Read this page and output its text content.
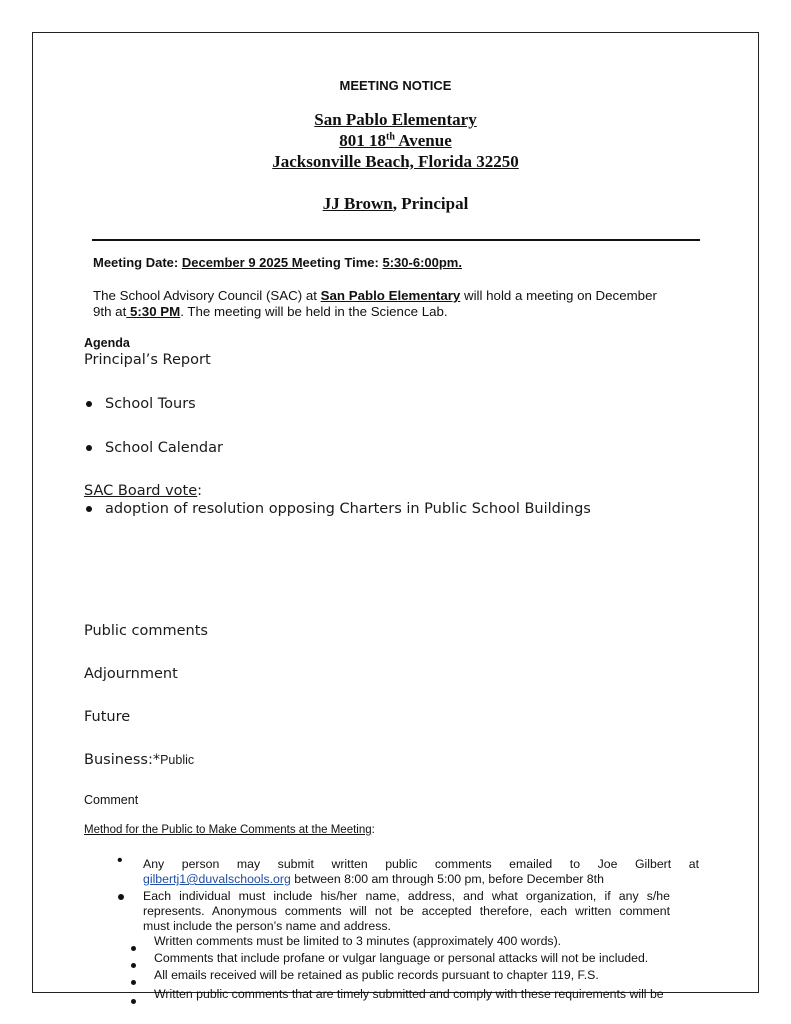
MEETING NOTICE
San Pablo Elementary
801 18th Avenue
Jacksonville Beach, Florida 32250
JJ Brown, Principal
Meeting Date: December 9 2025 Meeting Time: 5:30-6:00pm.
The School Advisory Council (SAC) at San Pablo Elementary will hold a meeting on December
9th at 5:30 PM. The meeting will be held in the Science Lab.
Agenda
Principal’s Report
School Tours
School Calendar
SAC Board vote:
adoption of resolution opposing Charters in Public School Buildings
Public comments
Adjournment
Future
Business:*Public
Comment
Method for the Public to Make Comments at the Meeting:
• Any person may submit written public comments emailed to Joe Gilbert at
gilbertj1@duvalschools.org between 8:00 am through 5:00 pm, before December 8th
Each individual must include his/her name, address, and what organization, if any s/he
represents. Anonymous comments will not be accepted therefore, each written comment
must include the person’s name and address.
Written comments must be limited to 3 minutes (approximately 400 words).
Comments that include profane or vulgar language or personal attacks will not be included.
All emails received will be retained as public records pursuant to chapter 119, F.S.
Written public comments that are timely submitted and comply with these requirements will be
